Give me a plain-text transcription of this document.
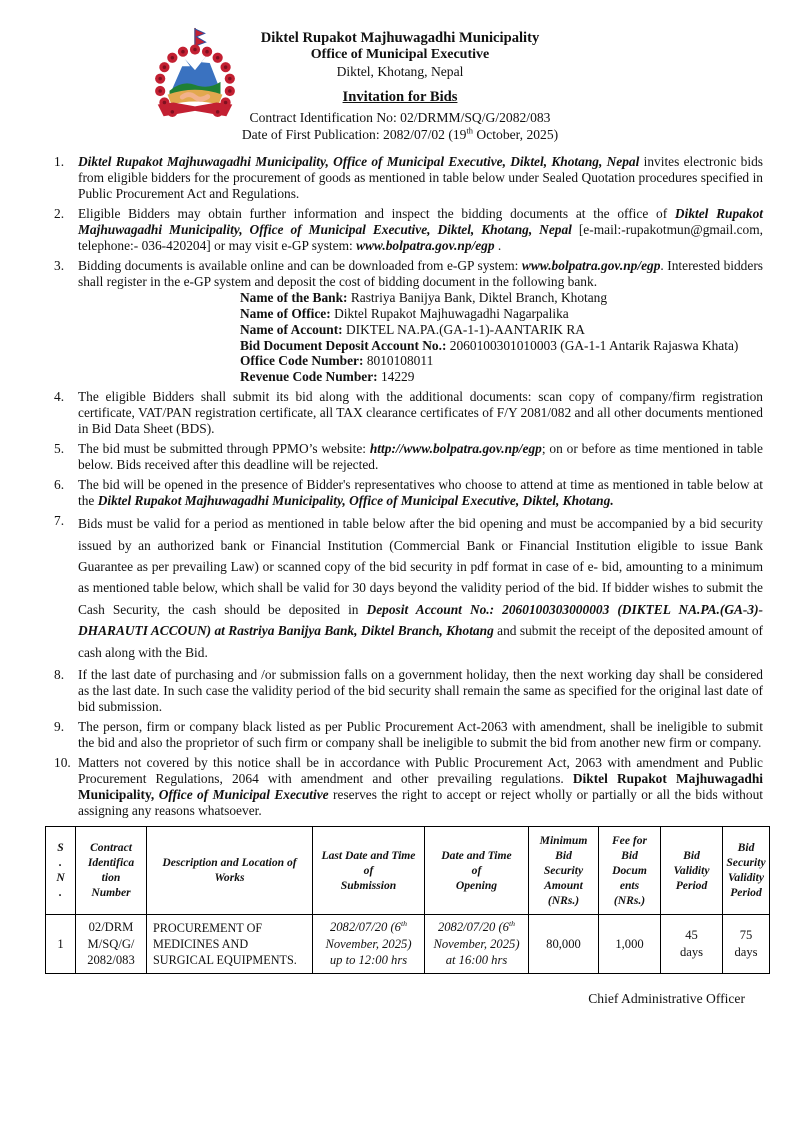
Diktel Rupakot Majhuwagadhi Municipality
Office of Municipal Executive
Diktel, Khotang, Nepal
Invitation for Bids
Contract Identification No: 02/DRMM/SQ/G/2082/083
Date of First Publication: 2082/07/02 (19th October, 2025)
1.	Diktel Rupakot Majhuwagadhi Municipality, Office of Municipal Executive, Diktel, Khotang, Nepal invites electronic bids from eligible bidders for the procurement of goods as mentioned in table below under Sealed Quotation procedures specified in Public Procurement Act and Regulations.
2.	Eligible Bidders may obtain further information and inspect the bidding documents at the office of Diktel Rupakot Majhuwagadhi Municipality, Office of Municipal Executive, Diktel, Khotang, Nepal [e-mail:-rupakotmun@gmail.com, telephone:- 036-420204] or may visit e-GP system: www.bolpatra.gov.np/egp .
3.	Bidding documents is available online and can be downloaded from e-GP system: www.bolpatra.gov.np/egp. Interested bidders shall register in the e-GP system and deposit the cost of bidding document in the following bank.
Name of the Bank: Rastriya Banijya Bank, Diktel Branch, Khotang
Name of Office: Diktel Rupakot Majhuwagadhi Nagarpalika
Name of Account: DIKTEL NA.PA.(GA-1-1)-AANTARIK RA
Bid Document Deposit Account No.: 2060100301010003 (GA-1-1 Antarik Rajaswa Khata)
Office Code Number: 8010108011
Revenue Code Number: 14229
4.	The eligible Bidders shall submit its bid along with the additional documents: scan copy of company/firm registration certificate, VAT/PAN registration certificate, all TAX clearance certificates of F/Y 2081/082 and all other documents mentioned in Bid Data Sheet (BDS).
5.	The bid must be submitted through PPMO’s website: http://www.bolpatra.gov.np/egp; on or before as time mentioned in table below. Bids received after this deadline will be rejected.
6.	The bid will be opened in the presence of Bidder's representatives who choose to attend at time as mentioned in table below at the Diktel Rupakot Majhuwagadhi Municipality, Office of Municipal Executive, Diktel, Khotang.
7.	Bids must be valid for a period as mentioned in table below after the bid opening and must be accompanied by a bid security issued by an authorized bank or Financial Institution (Commercial Bank or Financial Institution eligible to issue Bank Guarantee as per prevailing Law) or scanned copy of the bid security in pdf format in case of e- bid, amounting to a minimum as mentioned table below, which shall be valid for 30 days beyond the validity period of the bid. If bidder wishes to submit the Cash Security, the cash should be deposited in Deposit Account No.: 2060100303000003 (DIKTEL NA.PA.(GA-3)-DHARAUTI ACCOUN) at Rastriya Banijya Bank, Diktel Branch, Khotang and submit the receipt of the deposited amount of cash along with the Bid.
8.	If the last date of purchasing and /or submission falls on a government holiday, then the next working day shall be considered as the last date. In such case the validity period of the bid security shall remain the same as specified for the original last date of bid submission.
9.	The person, firm or company black listed as per Public Procurement Act-2063 with amendment, shall be ineligible to submit the bid and also the proprietor of such firm or company shall be ineligible to submit the bid from another new firm or company.
10. Matters not covered by this notice shall be in accordance with Public Procurement Act, 2063 with amendment and Public Procurement Regulations, 2064 with amendment and other prevailing regulations. Diktel Rupakot Majhuwagadhi Municipality, Office of Municipal Executive reserves the right to accept or reject wholly or partially or all the bids without assigning any reasons whatsoever.
S
.
N
.	Contract
Identifica
tion
Number	Description and Location of
Works	Last Date and Time
of
Submission	Date and Time
of
Opening	Minimum
Bid
Security
Amount
(NRs.)	Fee for
Bid
Docum
ents
(NRs.)	Bid
Validity
Period	Bid
Security
Validity
Period
1	02/DRM
M/SQ/G/
2082/083	PROCUREMENT OF
MEDICINES AND
SURGICAL EQUIPMENTS.	2082/07/20 (6th
November, 2025)
up to 12:00 hrs	2082/07/20 (6th
November, 2025)
at 16:00 hrs	80,000	1,000	45
days	75
days
Chief Administrative Officer
